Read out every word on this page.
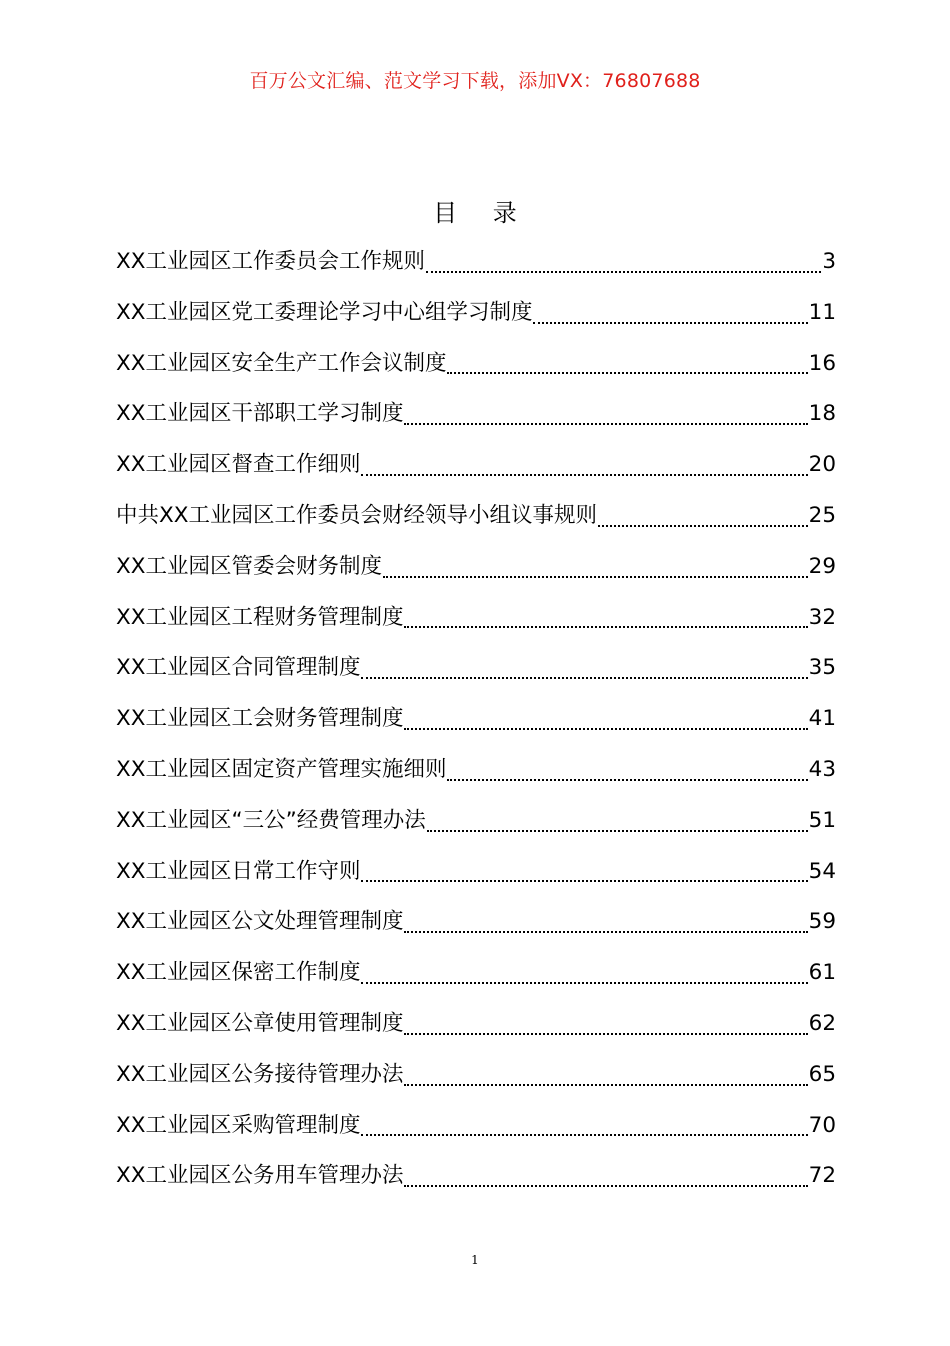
百万公文汇编、范文学习下载，添加VX：76807688
目 录
XX工业园区工作委员会工作规则	3
XX工业园区党工委理论学习中心组学习制度	11
XX工业园区安全生产工作会议制度	16
XX工业园区干部职工学习制度	18
XX工业园区督查工作细则	20
中共XX工业园区工作委员会财经领导小组议事规则	25
XX工业园区管委会财务制度	29
XX工业园区工程财务管理制度	32
XX工业园区合同管理制度	35
XX工业园区工会财务管理制度	41
XX工业园区固定资产管理实施细则	43
XX工业园区“三公”经费管理办法	51
XX工业园区日常工作守则	54
XX工业园区公文处理管理制度	59
XX工业园区保密工作制度	61
XX工业园区公章使用管理制度	62
XX工业园区公务接待管理办法	65
XX工业园区采购管理制度	70
XX工业园区公务用车管理办法	72
1
